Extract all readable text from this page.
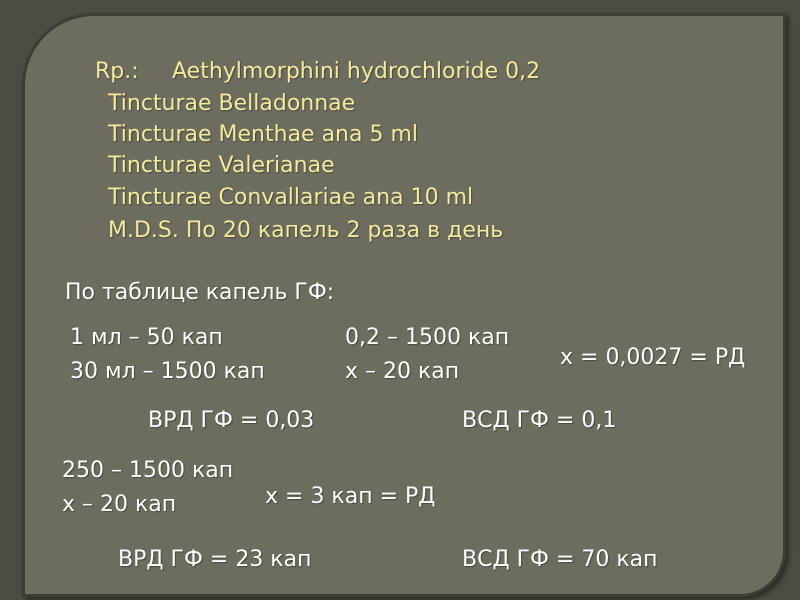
Rp.: Aethylmorphini hydrochloride 0,2
Tincturae Belladonnae
Tincturae Menthae ana 5 ml
Tincturae Valerianae
Tincturae Convallariae ana 10 ml
M.D.S. По 20 капель 2 раза в день
По таблице капель ГФ:
1 мл – 50 кап
30 мл – 1500 кап
0,2 – 1500 кап
х – 20 кап
х = 0,0027 = РД
ВРД ГФ = 0,03	ВСД ГФ = 0,1
250 – 1500 кап
х – 20 кап	х = 3 кап = РД
ВРД ГФ = 23 кап	ВСД ГФ = 70 кап
